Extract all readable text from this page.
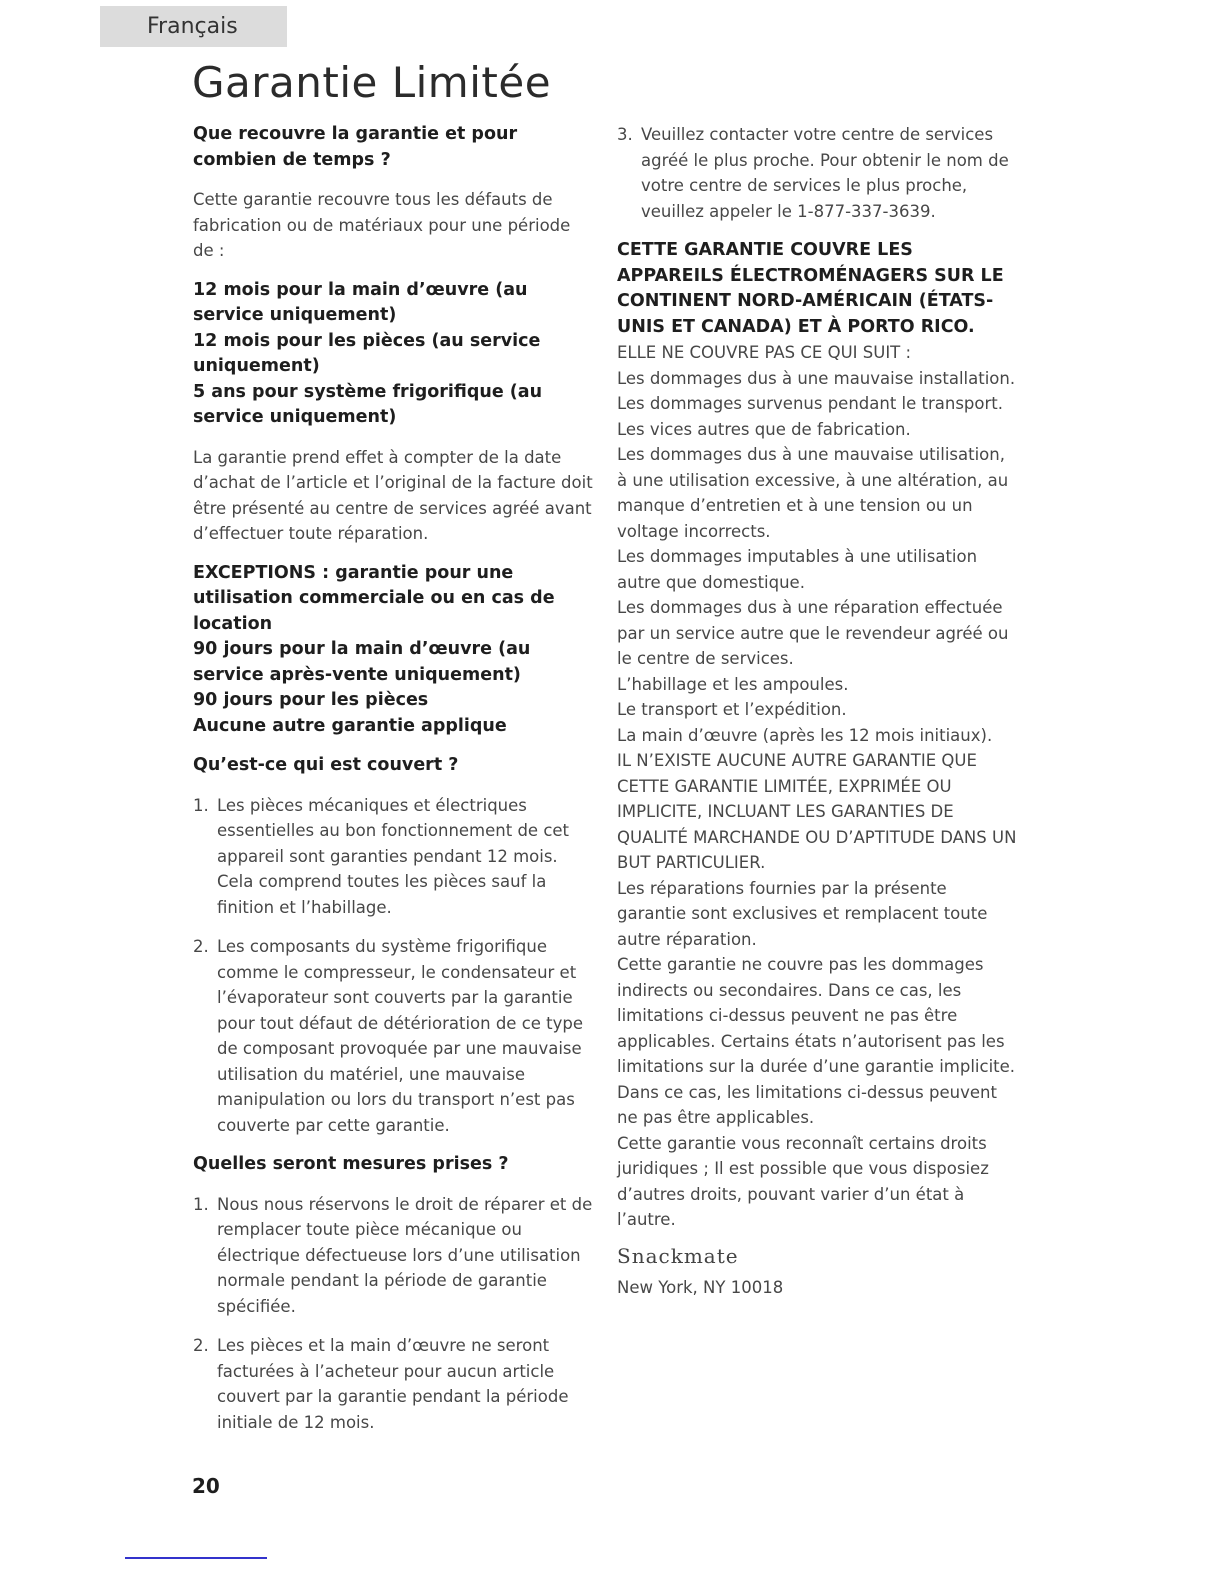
Français
Garantie Limitée
Que recouvre la garantie et pour combien de temps ?
Cette garantie recouvre tous les défauts de fabrication ou de matériaux pour une période de :
12 mois pour la main d’œuvre (au service uniquement)
12 mois pour les pièces (au service uniquement)
5 ans pour système frigorifique (au service uniquement)
La garantie prend effet à compter de la date d’achat de l’article et l’original de la facture doit être présenté au centre de services agréé avant d’effectuer toute réparation.
EXCEPTIONS : garantie pour une utilisation commerciale ou en cas de location
90 jours pour la main d’œuvre (au service après-vente uniquement)
90 jours pour les pièces
Aucune autre garantie applique
Qu’est-ce qui est couvert ?
1. Les pièces mécaniques et électriques essentielles au bon fonctionnement de cet appareil sont garanties pendant 12 mois. Cela comprend toutes les pièces sauf la finition et l’habillage.
2. Les composants du système frigorifique comme le compresseur, le condensateur et l’évaporateur sont couverts par la garantie pour tout défaut de détérioration de ce type de composant provoquée par une mauvaise utilisation du matériel, une mauvaise manipulation ou lors du transport n’est pas couverte par cette garantie.
Quelles seront mesures prises ?
1. Nous nous réservons le droit de réparer et de remplacer toute pièce mécanique ou électrique défectueuse lors d’une utilisation normale pendant la période de garantie spécifiée.
2. Les pièces et la main d’œuvre ne seront facturées à l’acheteur pour aucun article couvert par la garantie pendant la période initiale de 12 mois.
3. Veuillez contacter votre centre de services agréé le plus proche. Pour obtenir le nom de votre centre de services le plus proche, veuillez appeler le 1-877-337-3639.
CETTE GARANTIE COUVRE LES APPAREILS ÉLECTROMÉNAGERS SUR LE CONTINENT NORD-AMÉRICAIN (ÉTATS-UNIS ET CANADA) ET À PORTO RICO.
ELLE NE COUVRE PAS CE QUI SUIT :
Les dommages dus à une mauvaise installation.
Les dommages survenus pendant le transport.
Les vices autres que de fabrication.
Les dommages dus à une mauvaise utilisation, à une utilisation excessive, à une altération, au manque d’entretien et à une tension ou un voltage incorrects.
Les dommages imputables à une utilisation autre que domestique.
Les dommages dus à une réparation effectuée par un service autre que le revendeur agréé ou le centre de services.
L’habillage et les ampoules.
Le transport et l’expédition.
La main d’œuvre (après les 12 mois initiaux).
IL N’EXISTE AUCUNE AUTRE GARANTIE QUE CETTE GARANTIE LIMITÉE, EXPRIMÉE OU IMPLICITE, INCLUANT LES GARANTIES DE QUALITÉ MARCHANDE OU D’APTITUDE DANS UN BUT PARTICULIER.
Les réparations fournies par la présente garantie sont exclusives et remplacent toute autre réparation.
Cette garantie ne couvre pas les dommages indirects ou secondaires. Dans ce cas, les limitations ci-dessus peuvent ne pas être applicables. Certains états n’autorisent pas les limitations sur la durée d’une garantie implicite. Dans ce cas, les limitations ci-dessus peuvent ne pas être applicables.
Cette garantie vous reconnaît certains droits juridiques ; Il est possible que vous disposiez d’autres droits, pouvant varier d’un état à l’autre.
Snackmate
New York, NY 10018
20
